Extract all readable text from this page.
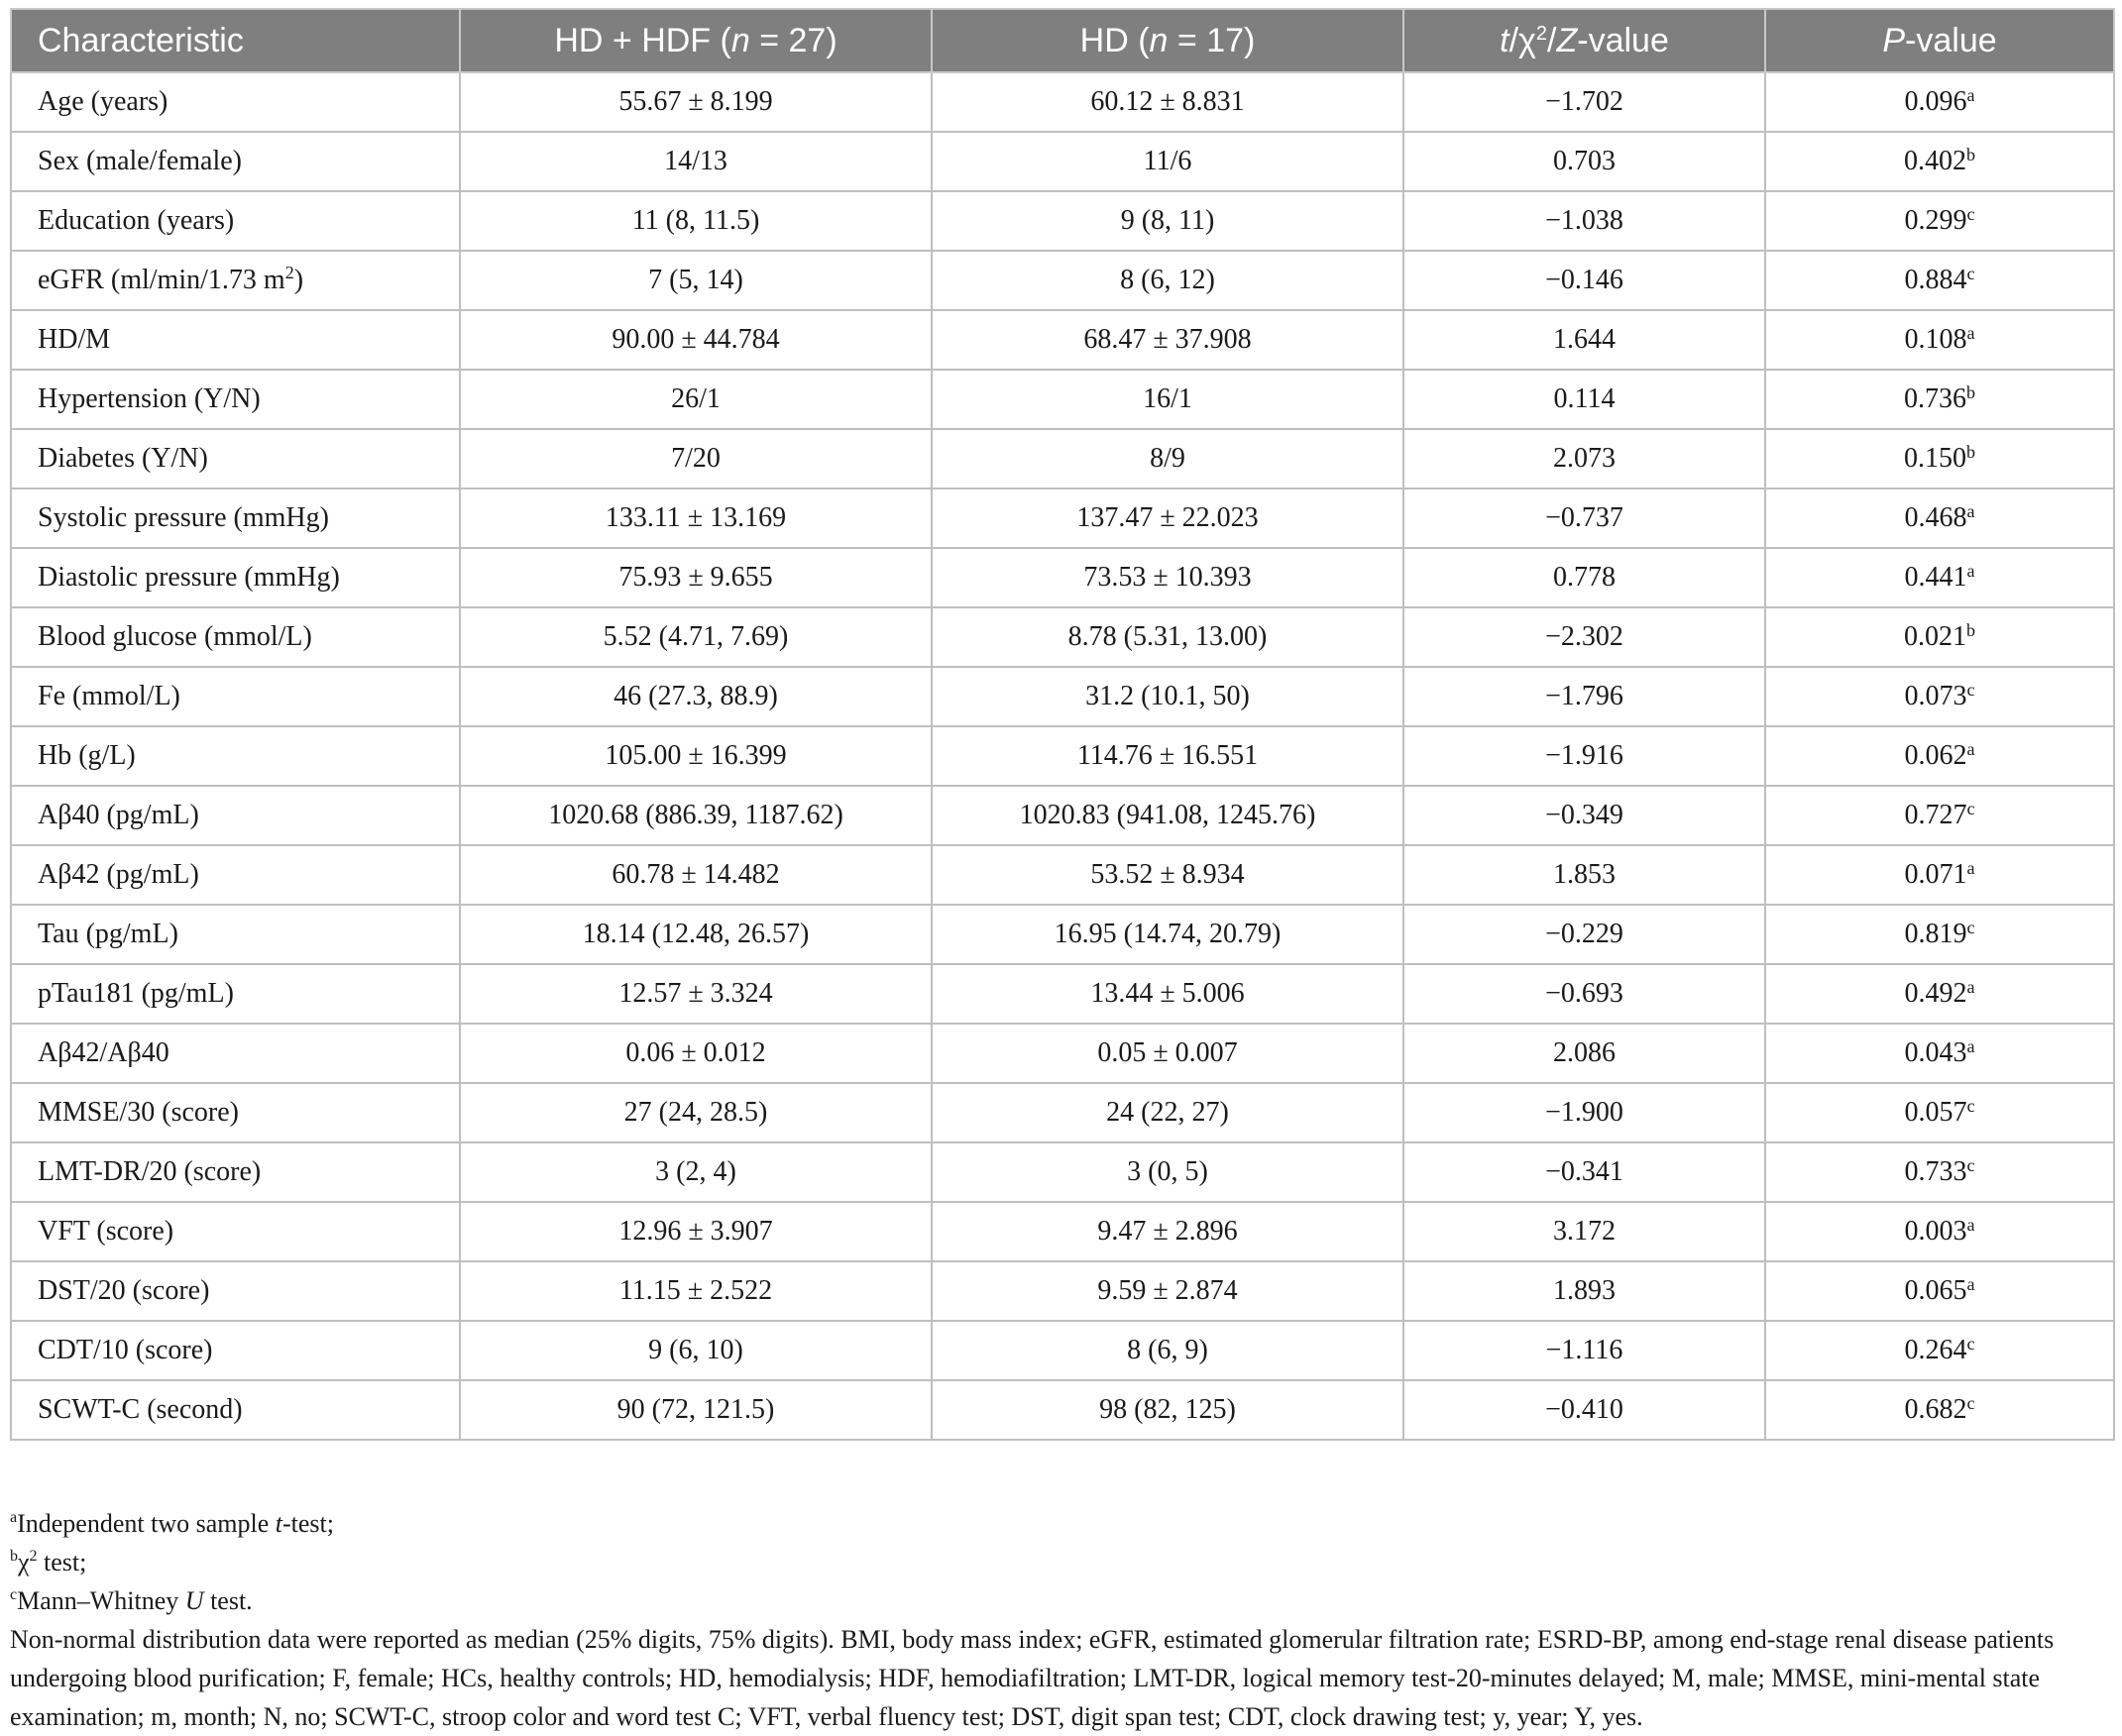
Characteristic	HD + HDF (n = 27)	HD (n = 17)	$t/\chi^2/Z$-value	P-value
Age (years)	55.67 ± 8.199	60.12 ± 8.831	−1.702	0.096$^a$
Sex (male/female)	14/13	11/6	0.703	0.402$^b$
Education (years)	11 (8, 11.5)	9 (8, 11)	−1.038	0.299$^c$
eGFR (ml/min/1.73 $m^2$)	7 (5, 14)	8 (6, 12)	−0.146	0.884$^c$
HD/M	90.00 ± 44.784	68.47 ± 37.908	1.644	0.108$^a$
Hypertension (Y/N)	26/1	16/1	0.114	0.736$^b$
Diabetes (Y/N)	7/20	8/9	2.073	0.150$^b$
Systolic pressure (mmHg)	133.11 ± 13.169	137.47 ± 22.023	−0.737	0.468$^a$
Diastolic pressure (mmHg)	75.93 ± 9.655	73.53 ± 10.393	0.778	0.441$^a$
Blood glucose (mmol/L)	5.52 (4.71, 7.69)	8.78 (5.31, 13.00)	−2.302	0.021$^b$
Fe (mmol/L)	46 (27.3, 88.9)	31.2 (10.1, 50)	−1.796	0.073$^c$
Hb (g/L)	105.00 ± 16.399	114.76 ± 16.551	−1.916	0.062$^a$
Aβ40 (pg/mL)	1020.68 (886.39, 1187.62)	1020.83 (941.08, 1245.76)	−0.349	0.727$^c$
Aβ42 (pg/mL)	60.78 ± 14.482	53.52 ± 8.934	1.853	0.071$^a$
Tau (pg/mL)	18.14 (12.48, 26.57)	16.95 (14.74, 20.79)	−0.229	0.819$^c$
pTau181 (pg/mL)	12.57 ± 3.324	13.44 ± 5.006	−0.693	0.492$^a$
Aβ42/Aβ40	0.06 ± 0.012	0.05 ± 0.007	2.086	0.043$^a$
MMSE/30 (score)	27 (24, 28.5)	24 (22, 27)	−1.900	0.057$^c$
LMT-DR/20 (score)	3 (2, 4)	3 (0, 5)	−0.341	0.733$^c$
VFT (score)	12.96 ± 3.907	9.47 ± 2.896	3.172	0.003$^a$
DST/20 (score)	11.15 ± 2.522	9.59 ± 2.874	1.893	0.065$^a$
CDT/10 (score)	9 (6, 10)	8 (6, 9)	−1.116	0.264$^c$
SCWT-C (second)	90 (72, 121.5)	98 (82, 125)	−0.410	0.682$^c$

$^a$Independent two sample t-test;

$^b\chi^2$ test;

$^c$Mann–Whitney U test.

Non-normal distribution data were reported as median (25% digits, 75% digits). BMI, body mass index; eGFR, estimated glomerular filtration rate; ESRD-BP, among end-stage renal disease patients undergoing blood purification; F, female; HCs, healthy controls; HD, hemodialysis; HDF, hemodiafiltration; LMT-DR, logical memory test-20-minutes delayed; M, male; MMSE, mini-mental state examination; m, month; N, no; SCWT-C, stroop color and word test C; VFT, verbal fluency test; DST, digit span test; CDT, clock drawing test; y, year; Y, yes.
